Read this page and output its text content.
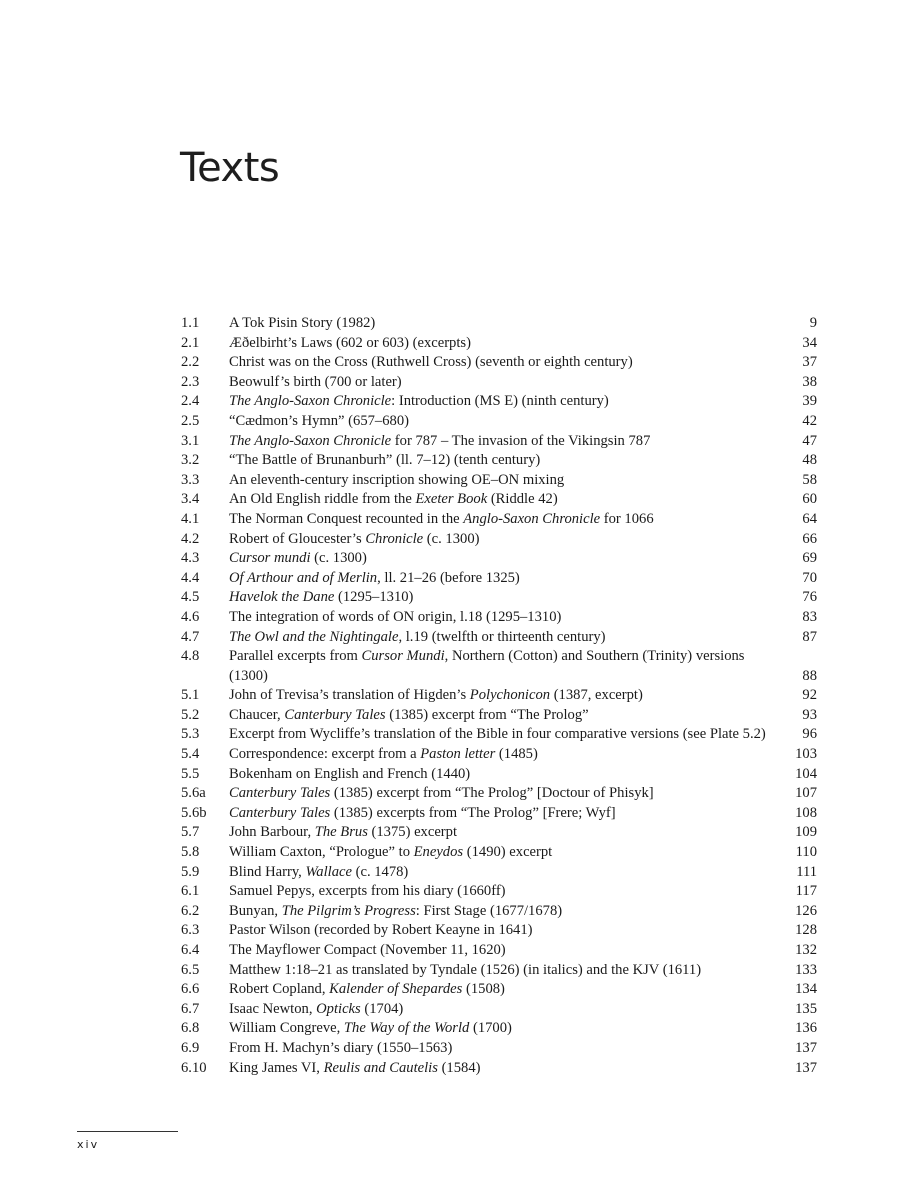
Texts
1.1 A Tok Pisin Story (1982)	9
2.1 Æðelbirht’s Laws (602 or 603) (excerpts)	34
2.2 Christ was on the Cross (Ruthwell Cross) (seventh or eighth century)	37
2.3 Beowulf’s birth (700 or later)	38
2.4 The Anglo-Saxon Chronicle: Introduction (MS E) (ninth century)	39
2.5 “Cædmon’s Hymn” (657–680)	42
3.1 The Anglo-Saxon Chronicle for 787 – The invasion of the Vikingsin 787	47
3.2 “The Battle of Brunanburh” (ll. 7–12) (tenth century)	48
3.3 An eleventh-century inscription showing OE–ON mixing	58
3.4 An Old English riddle from the Exeter Book (Riddle 42)	60
4.1 The Norman Conquest recounted in the Anglo-Saxon Chronicle for 1066	64
4.2 Robert of Gloucester’s Chronicle (c. 1300)	66
4.3 Cursor mundi (c. 1300)	69
4.4 Of Arthour and of Merlin, ll. 21–26 (before 1325)	70
4.5 Havelok the Dane (1295–1310)	76
4.6 The integration of words of ON origin, l.18 (1295–1310)	83
4.7 The Owl and the Nightingale, l.19 (twelfth or thirteenth century)	87
4.8 Parallel excerpts from Cursor Mundi, Northern (Cotton) and Southern (Trinity) versions (1300)	88
5.1 John of Trevisa’s translation of Higden’s Polychonicon (1387, excerpt)	92
5.2 Chaucer, Canterbury Tales (1385) excerpt from “The Prolog”	93
5.3 Excerpt from Wycliffe’s translation of the Bible in four comparative versions (see Plate 5.2)	96
5.4 Correspondence: excerpt from a Paston letter (1485)	103
5.5 Bokenham on English and French (1440)	104
5.6a Canterbury Tales (1385) excerpt from “The Prolog” [Doctour of Phisyk]	107
5.6b Canterbury Tales (1385) excerpts from “The Prolog” [Frere; Wyf]	108
5.7 John Barbour, The Brus (1375) excerpt	109
5.8 William Caxton, “Prologue” to Eneydos (1490) excerpt	110
5.9 Blind Harry, Wallace (c. 1478)	111
6.1 Samuel Pepys, excerpts from his diary (1660ff)	117
6.2 Bunyan, The Pilgrim’s Progress: First Stage (1677/1678)	126
6.3 Pastor Wilson (recorded by Robert Keayne in 1641)	128
6.4 The Mayflower Compact (November 11, 1620)	132
6.5 Matthew 1:18–21 as translated by Tyndale (1526) (in italics) and the KJV (1611)	133
6.6 Robert Copland, Kalender of Shepardes (1508)	134
6.7 Isaac Newton, Opticks (1704)	135
6.8 William Congreve, The Way of the World (1700)	136
6.9 From H. Machyn’s diary (1550–1563)	137
6.10 King James VI, Reulis and Cautelis (1584)	137
xiv
